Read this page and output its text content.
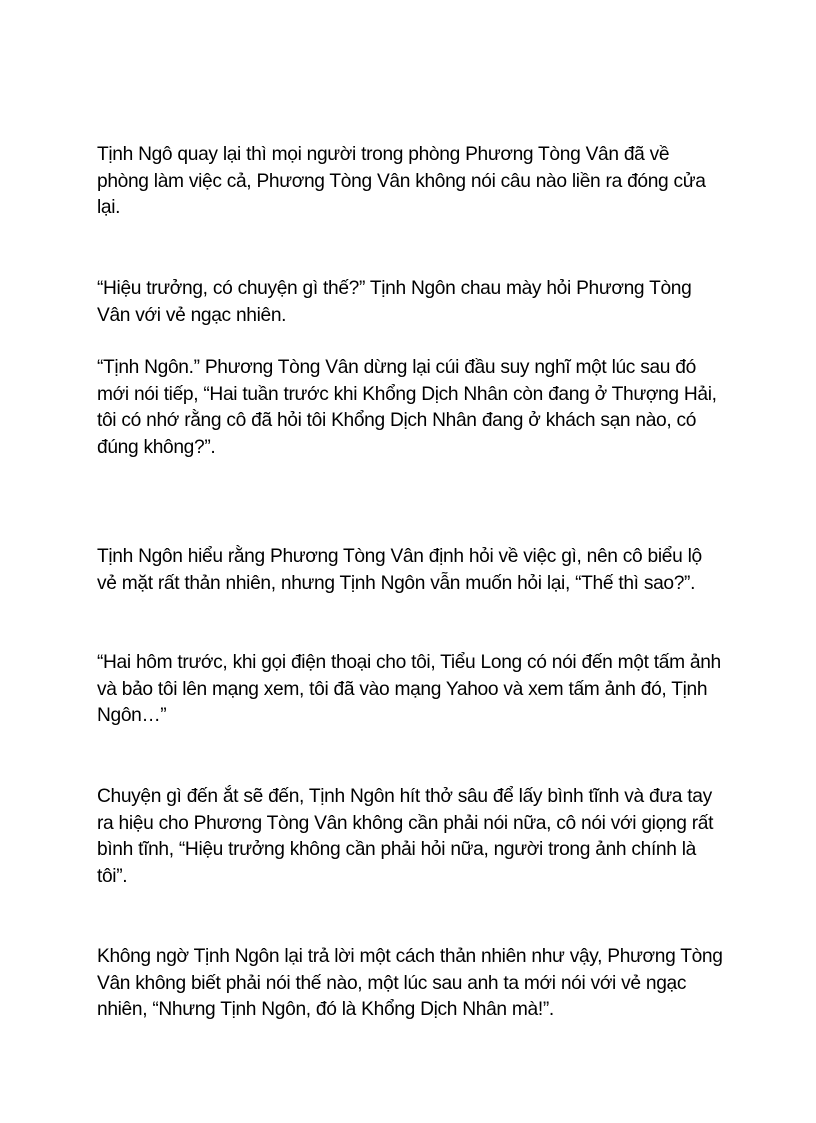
Tịnh Ngô quay lại thì mọi người trong phòng Phương Tòng Vân đã về phòng làm việc cả, Phương Tòng Vân không nói câu nào liền ra đóng cửa lại.

“Hiệu trưởng, có chuyện gì thế?” Tịnh Ngôn chau mày hỏi Phương Tòng Vân với vẻ ngạc nhiên.

“Tịnh Ngôn.” Phương Tòng Vân dừng lại cúi đầu suy nghĩ một lúc sau đó mới nói tiếp, “Hai tuần trước khi Khổng Dịch Nhân còn đang ở Thượng Hải, tôi có nhớ rằng cô đã hỏi tôi Khổng Dịch Nhân đang ở khách sạn nào, có đúng không?”.

Tịnh Ngôn hiểu rằng Phương Tòng Vân định hỏi về việc gì, nên cô biểu lộ vẻ mặt rất thản nhiên, nhưng Tịnh Ngôn vẫn muốn hỏi lại, “Thế thì sao?”.

“Hai hôm trước, khi gọi điện thoại cho tôi, Tiểu Long có nói đến một tấm ảnh và bảo tôi lên mạng xem, tôi đã vào mạng Yahoo và xem tấm ảnh đó, Tịnh Ngôn…”

Chuyện gì đến ắt sẽ đến, Tịnh Ngôn hít thở sâu để lấy bình tĩnh và đưa tay ra hiệu cho Phương Tòng Vân không cần phải nói nữa, cô nói với giọng rất bình tĩnh, “Hiệu trưởng không cần phải hỏi nữa, người trong ảnh chính là tôi”.

Không ngờ Tịnh Ngôn lại trả lời một cách thản nhiên như vậy, Phương Tòng Vân không biết phải nói thế nào, một lúc sau anh ta mới nói với vẻ ngạc nhiên, “Nhưng Tịnh Ngôn, đó là Khổng Dịch Nhân mà!”.
